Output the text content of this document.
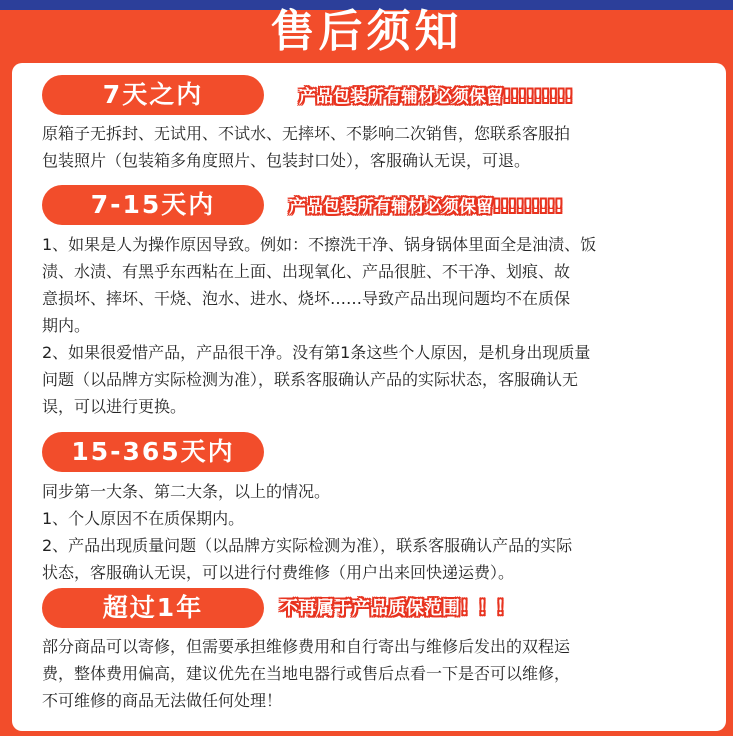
售后须知
7天之内	产品包装所有辅材必须保留!!!!!!!!!
原箱子无拆封、无试用、不试水、无摔坏、不影响二次销售，您联系客服拍
包装照片（包装箱多角度照片、包装封口处），客服确认无误，可退。
7-15天内	产品包装所有辅材必须保留!!!!!!!!!
1、如果是人为操作原因导致。例如：不擦洗干净、锅身锅体里面全是油渍、饭
渍、水渍、有黑乎东西粘在上面、出现氧化、产品很脏、不干净、划痕、故
意损坏、摔坏、干烧、泡水、进水、烧坏……导致产品出现问题均不在质保
期内。
2、如果很爱惜产品，产品很干净。没有第1条这些个人原因，是机身出现质量
问题（以品牌方实际检测为准），联系客服确认产品的实际状态，客服确认无
误，可以进行更换。
15-365天内
同步第一大条、第二大条，以上的情况。
1、个人原因不在质保期内。
2、产品出现质量问题（以品牌方实际检测为准），联系客服确认产品的实际
状态，客服确认无误，可以进行付费维修（用户出来回快递运费）。
超过1年	不再属于产品质保范围！！！
部分商品可以寄修，但需要承担维修费用和自行寄出与维修后发出的双程运
费，整体费用偏高，建议优先在当地电器行或售后点看一下是否可以维修，
不可维修的商品无法做任何处理！
